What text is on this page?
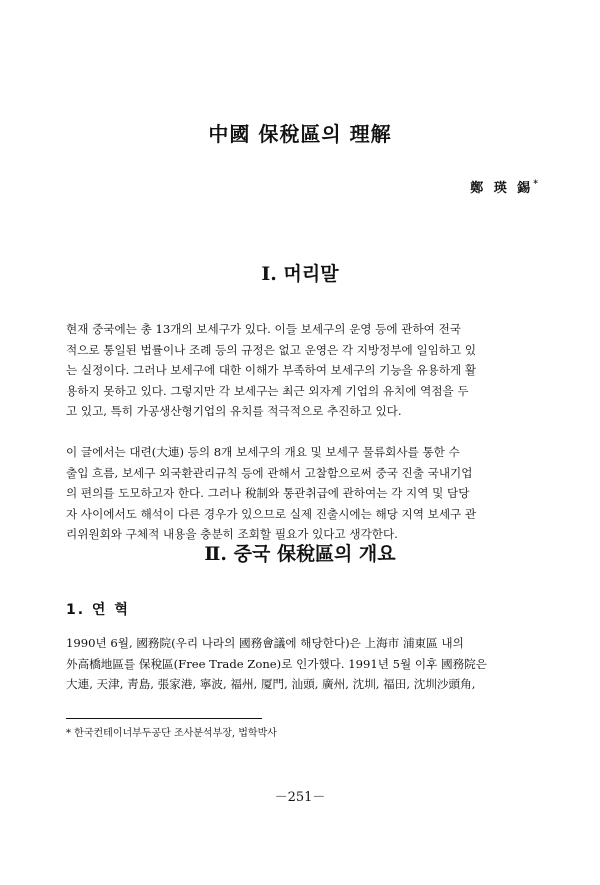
中國 保稅區의 理解
鄭 瑛 錫*
Ⅰ. 머리말

현재 중국에는 총 13개의 보세구가 있다. 이들 보세구의 운영 등에 관하여 전국
적으로 통일된 법률이나 조례 등의 규정은 없고 운영은 각 지방정부에 일임하고 있
는 실정이다. 그러나 보세구에 대한 이해가 부족하여 보세구의 기능을 유용하게 활
용하지 못하고 있다. 그렇지만 각 보세구는 최근 외자계 기업의 유치에 역점을 두
고 있고, 특히 가공생산형기업의 유치를 적극적으로 추진하고 있다.

이 글에서는 대련(大連) 등의 8개 보세구의 개요 및 보세구 물류회사를 통한 수
출입 흐름, 보세구 외국환관리규칙 등에 관해서 고찰함으로써 중국 진출 국내기업
의 편의를 도모하고자 한다. 그러나 稅制와 통관취급에 관하여는 각 지역 및 담당
자 사이에서도 해석이 다른 경우가 있으므로 실제 진출시에는 해당 지역 보세구 관
리위원회와 구체적 내용을 충분히 조회할 필요가 있다고 생각한다.

Ⅱ. 중국 保稅區의 개요
1. 연 혁

1990년 6월, 國務院(우리 나라의 國務會議에 해당한다)은 上海市 浦東區 내의
外高橋地區를 保稅區(Free Trade Zone)로 인가했다. 1991년 5월 이후 國務院은
大連, 天津, 靑島, 張家港, 寧波, 福州, 厦門, 汕頭, 廣州, 沈圳, 福田, 沈圳沙頭角,

* 한국컨테이너부두공단 조사분석부장, 법학박사
－251－
